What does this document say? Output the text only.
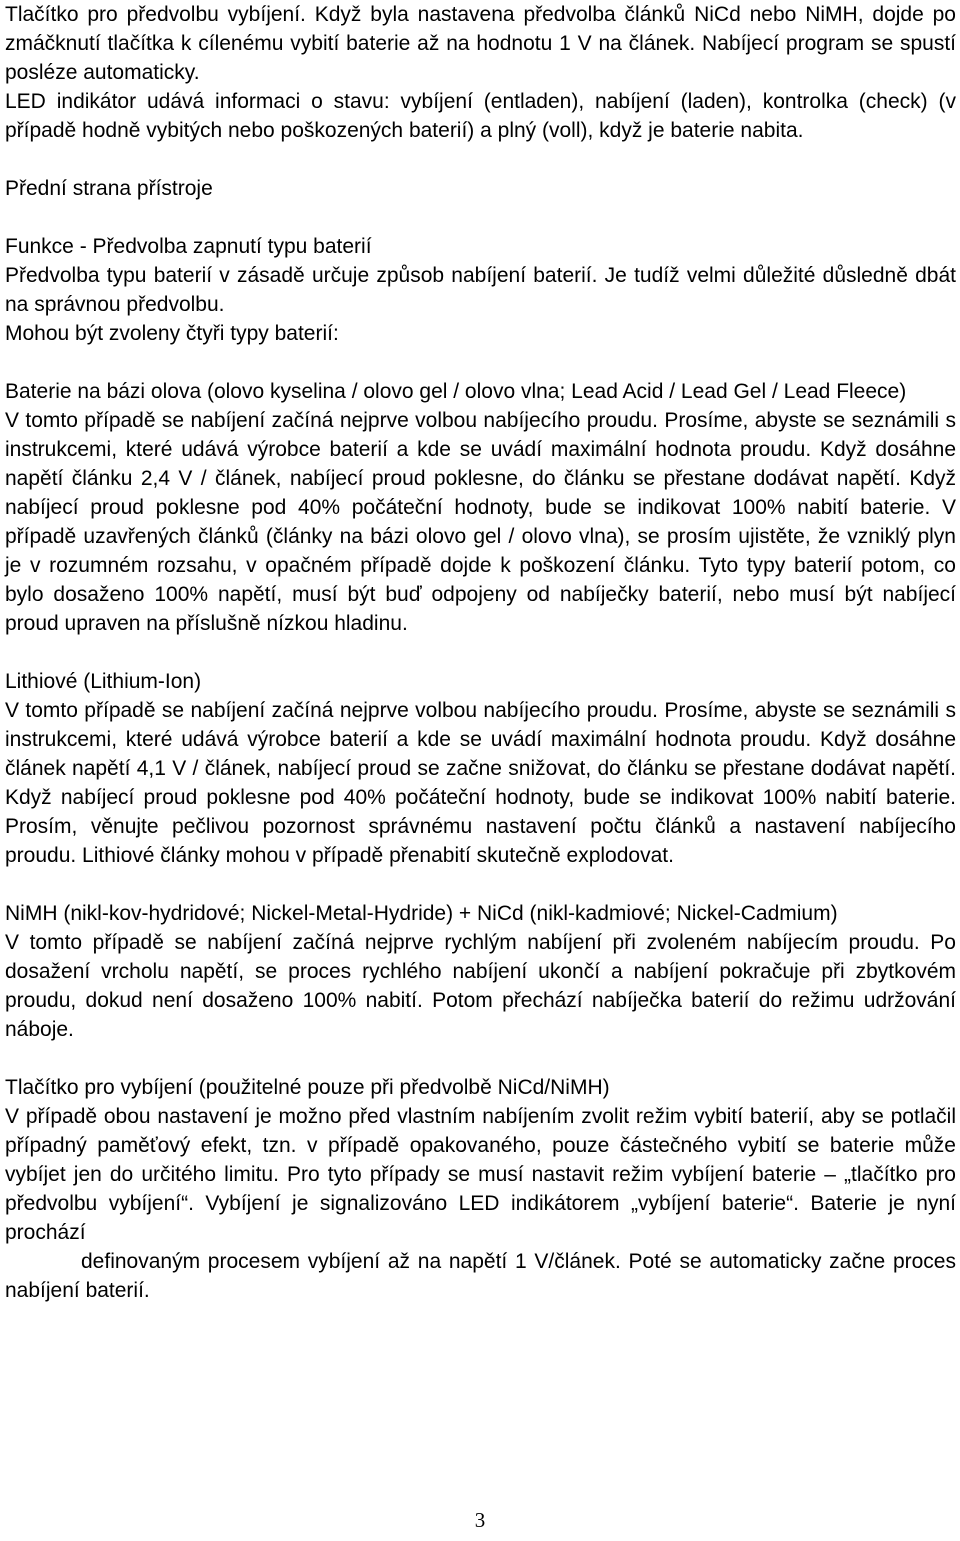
Tlačítko pro předvolbu vybíjení. Když byla nastavena předvolba článků NiCd nebo NiMH, dojde po zmáčknutí tlačítka k cílenému vybití baterie až na hodnotu 1 V na článek. Nabíjecí program se spustí posléze automaticky.

LED indikátor udává informaci o stavu: vybíjení (entladen), nabíjení (laden), kontrolka (check) (v případě hodně vybitých nebo poškozených baterií) a plný (voll), když je baterie nabita.

Přední strana přístroje

Funkce - Předvolba zapnutí typu baterií

Předvolba typu baterií v zásadě určuje způsob nabíjení baterií. Je tudíž velmi důležité důsledně dbát na správnou předvolbu.

Mohou být zvoleny čtyři typy baterií:

Baterie na bázi olova (olovo kyselina / olovo gel / olovo vlna; Lead Acid / Lead Gel / Lead Fleece)

V tomto případě se nabíjení začíná nejprve volbou nabíjecího proudu. Prosíme, abyste se seznámili s instrukcemi, které udává výrobce baterií a kde se uvádí maximální hodnota proudu. Když dosáhne napětí článku 2,4 V / článek, nabíjecí proud poklesne, do článku se přestane dodávat napětí. Když nabíjecí proud poklesne pod 40% počáteční hodnoty, bude se indikovat 100% nabití baterie. V případě uzavřených článků (články na bázi olovo gel / olovo vlna), se prosím ujistěte, že vzniklý plyn je v rozumném rozsahu, v opačném případě dojde k poškození článku. Tyto typy baterií potom, co bylo dosaženo 100% napětí, musí být buď odpojeny od nabíječky baterií, nebo musí být nabíjecí proud upraven na příslušně nízkou hladinu.

Lithiové (Lithium-Ion)

V tomto případě se nabíjení začíná nejprve volbou nabíjecího proudu. Prosíme, abyste se seznámili s instrukcemi, které udává výrobce baterií a kde se uvádí maximální hodnota proudu. Když dosáhne článek napětí 4,1 V / článek, nabíjecí proud se začne snižovat, do článku se přestane dodávat napětí. Když nabíjecí proud poklesne pod 40% počáteční hodnoty, bude se indikovat 100% nabití baterie. Prosím, věnujte pečlivou pozornost správnému nastavení počtu článků a nastavení nabíjecího proudu. Lithiové články mohou v případě přenabití skutečně explodovat.

NiMH (nikl-kov-hydridové; Nickel-Metal-Hydride) + NiCd (nikl-kadmiové; Nickel-Cadmium)

V tomto případě se nabíjení začíná nejprve rychlým nabíjení při zvoleném nabíjecím proudu. Po dosažení vrcholu napětí, se proces rychlého nabíjení ukončí a nabíjení pokračuje při zbytkovém proudu, dokud není dosaženo 100% nabití. Potom přechází nabíječka baterií do režimu udržování náboje.

Tlačítko pro vybíjení (použitelné pouze při předvolbě NiCd/NiMH)

V případě obou nastavení je možno před vlastním nabíjením zvolit režim vybití baterií, aby se potlačil případný paměťový efekt, tzn. v případě opakovaného, pouze částečného vybití se baterie může vybíjet jen do určitého limitu. Pro tyto případy se musí nastavit režim vybíjení baterie – „tlačítko pro předvolbu vybíjení“. Vybíjení je signalizováno LED indikátorem „vybíjení baterie“. Baterie je nyní prochází
definovaným procesem vybíjení až na napětí 1 V/článek. Poté se automaticky začne proces nabíjení baterií.

3
